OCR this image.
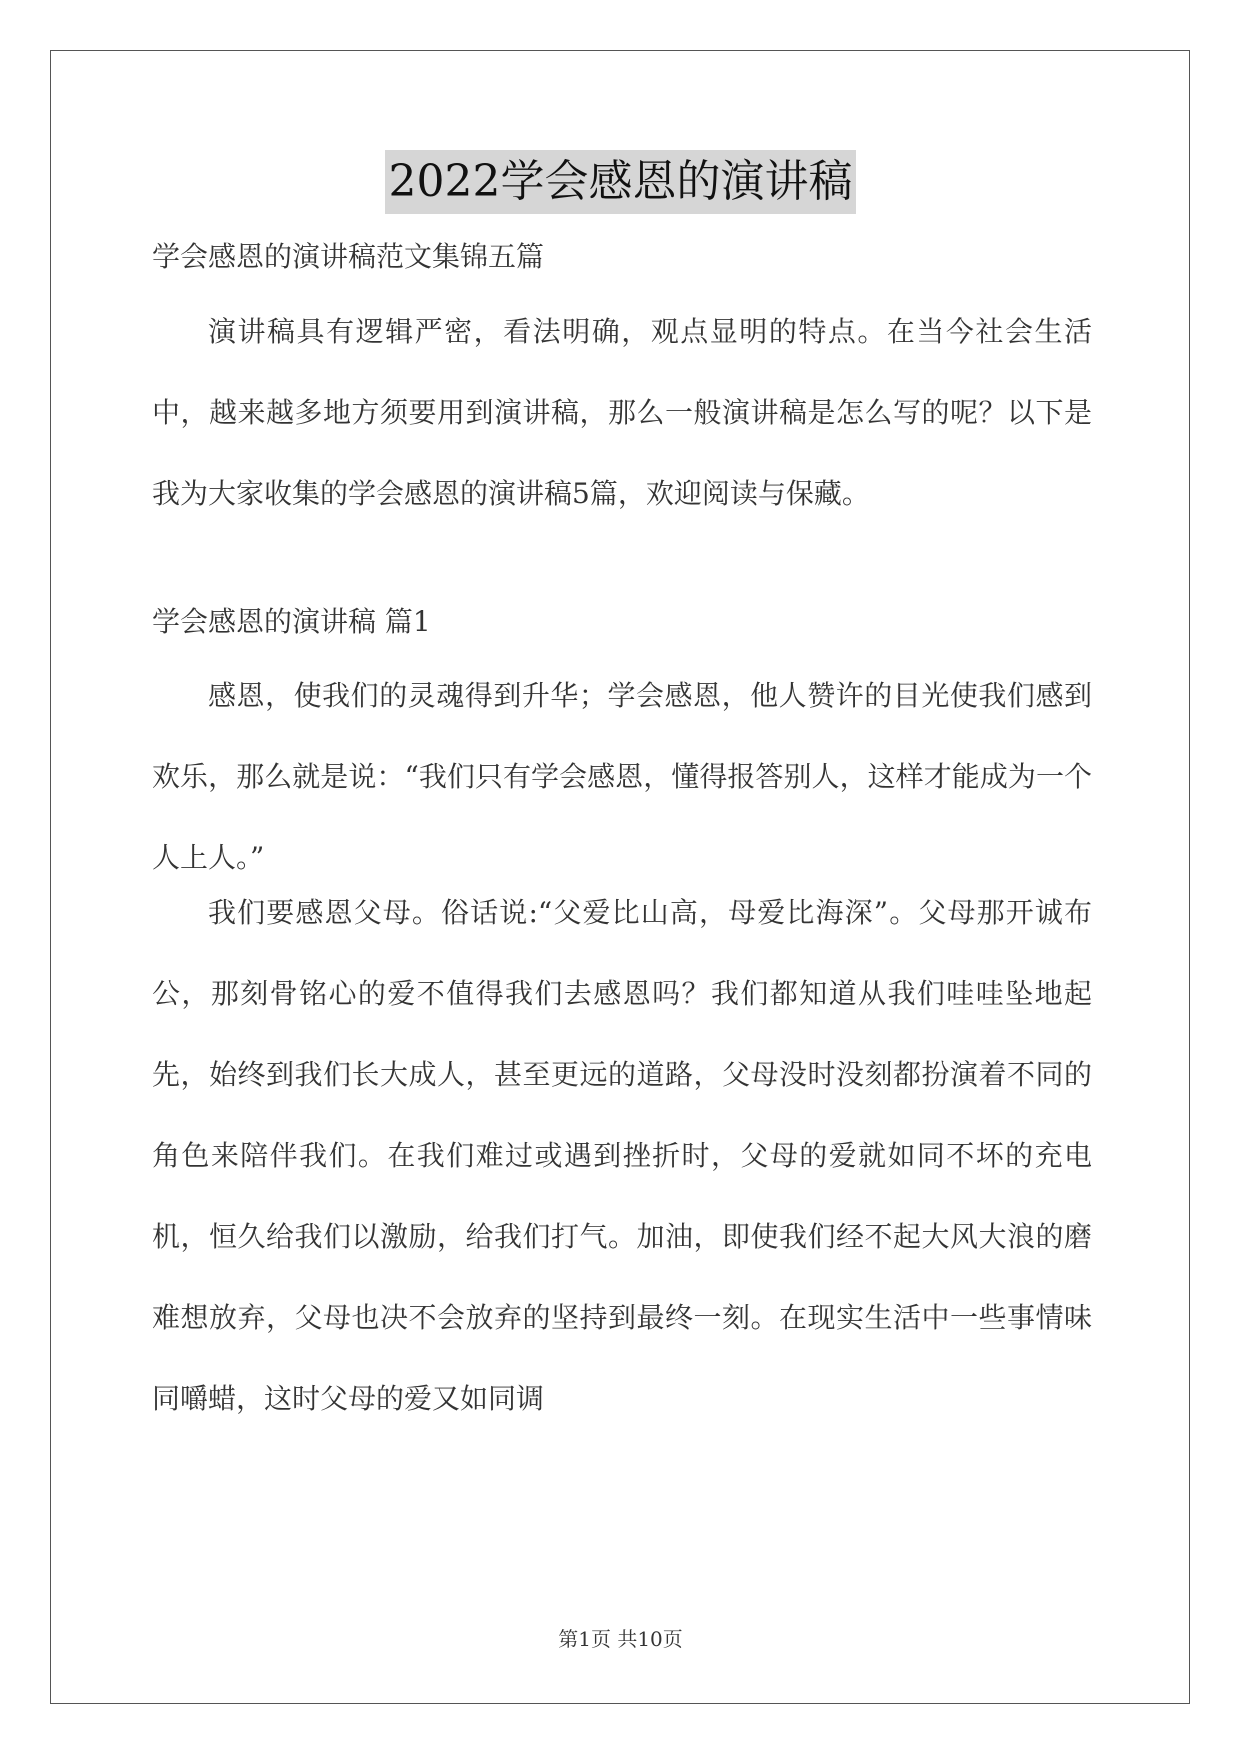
2022学会感恩的演讲稿
学会感恩的演讲稿范文集锦五篇

演讲稿具有逻辑严密，看法明确，观点显明的特点。在当今社会生活中，越来越多地方须要用到演讲稿，那么一般演讲稿是怎么写的呢？以下是我为大家收集的学会感恩的演讲稿5篇，欢迎阅读与保藏。

学会感恩的演讲稿 篇1

感恩，使我们的灵魂得到升华；学会感恩，他人赞许的目光使我们感到欢乐，那么就是说：“我们只有学会感恩，懂得报答别人，这样才能成为一个人上人。”

我们要感恩父母。俗话说:“父爱比山高，母爱比海深”。父母那开诚布公，那刻骨铭心的爱不值得我们去感恩吗？我们都知道从我们哇哇坠地起先，始终到我们长大成人，甚至更远的道路，父母没时没刻都扮演着不同的角色来陪伴我们。在我们难过或遇到挫折时，父母的爱就如同不坏的充电机，恒久给我们以激励，给我们打气。加油，即使我们经不起大风大浪的磨难想放弃，父母也决不会放弃的坚持到最终一刻。在现实生活中一些事情味同嚼蜡，这时父母的爱又如同调

第1页 共10页
